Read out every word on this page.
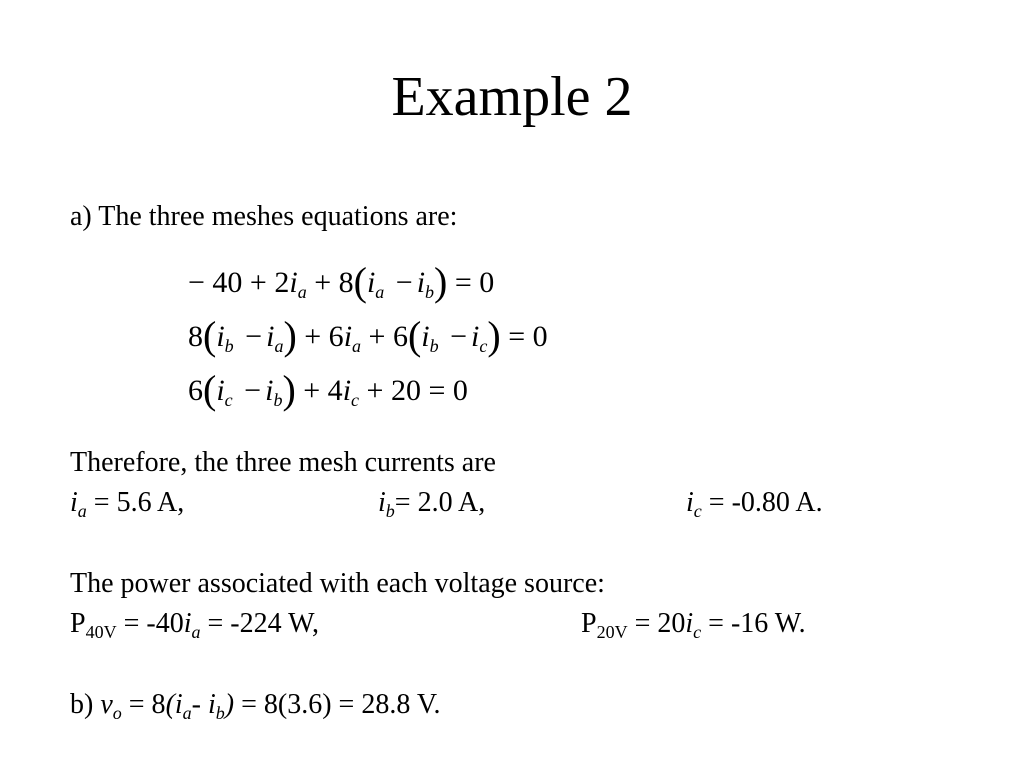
Example 2
a) The three meshes equations are:
− $40 + 2i_a + 8(i_a - i_b) = 0$
$8(i_b - i_a) + 6i_a + 6(i_b - i_c) = 0$
$6(i_c - i_b) + 4i_c + 20 = 0$
Therefore, the three mesh currents are
$i_a = 5.6$ A,	$i_b= 2.0$ A,	$i_c = -0.80$ A.
The power associated with each voltage source:
$P_{40V} = -40i_a = -224$ W,	$P_{20V} = 20i_c = -16$ W.
b) $v_o = 8(i_a-$ $i_b) = 8(3.6) = 28.8$ V.
